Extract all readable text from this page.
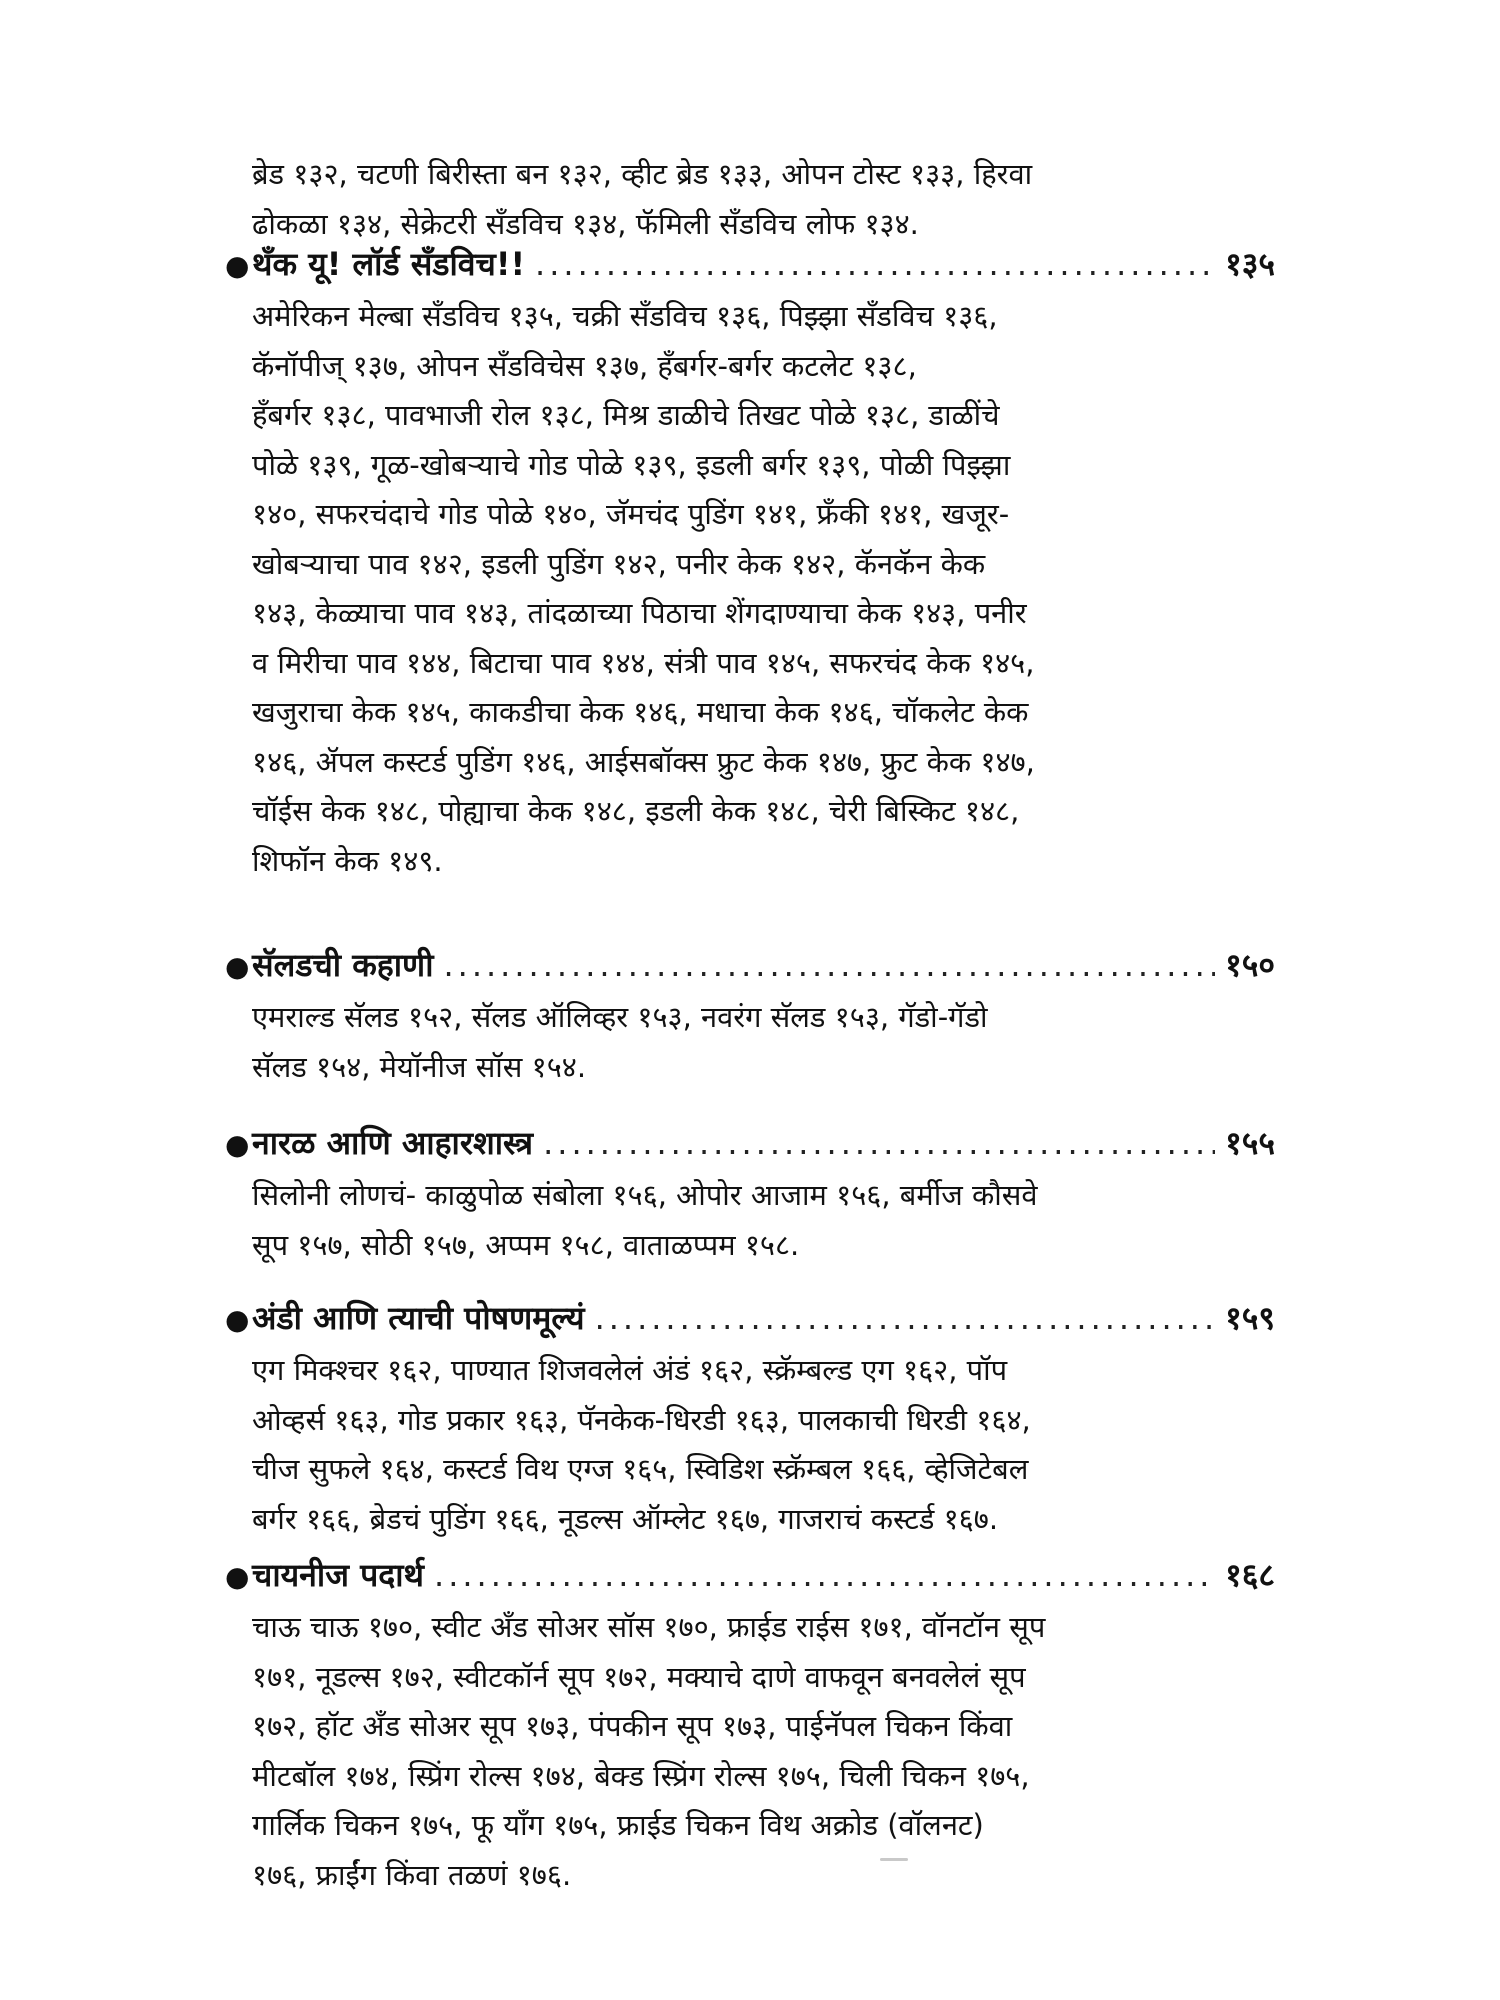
ब्रेड १३२, चटणी बिरीस्ता बन १३२, व्हीट ब्रेड १३३, ओपन टोस्ट १३३, हिरवा
ढोकळा १३४, सेक्रेटरी सँडविच १३४, फॅमिली सँडविच लोफ १३४.
● थँक यू! लॉर्ड सँडविच!! .....	१३५
अमेरिकन मेल्बा सँडविच १३५, चक्री सँडविच १३६, पिझ्झा सँडविच १३६,
कॅनॉपीज् १३७, ओपन सँडविचेस १३७, हॅंबर्गर-बर्गर कटलेट १३८,
हॅंबर्गर १३८, पावभाजी रोल १३८, मिश्र डाळीचे तिखट पोळे १३८, डाळींचे
पोळे १३९, गूळ-खोबऱ्याचे गोड पोळे १३९, इडली बर्गर १३९, पोळी पिझ्झा
१४०, सफरचंदाचे गोड पोळे १४०, जॅमचंद पुडिंग १४१, फ्रँकी १४१, खजूर-
खोबऱ्याचा पाव १४२, इडली पुडिंग १४२, पनीर केक १४२, कॅनकॅन केक
१४३, केळ्याचा पाव १४३, तांदळाच्या पिठाचा शेंगदाण्याचा केक १४३, पनीर
व मिरीचा पाव १४४, बिटाचा पाव १४४, संत्री पाव १४५, सफरचंद केक १४५,
खजुराचा केक १४५, काकडीचा केक १४६, मधाचा केक १४६, चॉकलेट केक
१४६, ॲपल कस्टर्ड पुडिंग १४६, आईसबॉक्स फ्रुट केक १४७, फ्रुट केक १४७,
चॉईस केक १४८, पोह्याचा केक १४८, इडली केक १४८, चेरी बिस्किट १४८,
शिफॉन केक १४९.
● सॅलडची कहाणी .....	१५०
एमराल्ड सॅलड १५२, सॅलड ऑलिव्हर १५३, नवरंग सॅलड १५३, गॅडो-गॅडो
सॅलड १५४, मेयॉनीज सॉस १५४.
● नारळ आणि आहारशास्त्र .....	१५५
सिलोनी लोणचं- काळुपोळ संबोला १५६, ओपोर आजाम १५६, बर्मीज कौसवे
सूप १५७, सोठी १५७, अप्पम १५८, वाताळप्पम १५८.
● अंडी आणि त्याची पोषणमूल्यं .....	१५९
एग मिक्श्चर १६२, पाण्यात शिजवलेलं अंडं १६२, स्क्रॅम्बल्ड एग १६२, पॉप
ओव्हर्स १६३, गोड प्रकार १६३, पॅनकेक-धिरडी १६३, पालकाची धिरडी १६४,
चीज सुफले १६४, कस्टर्ड विथ एग्ज १६५, स्विडिश स्क्रॅम्बल १६६, व्हेजिटेबल
बर्गर १६६, ब्रेडचं पुडिंग १६६, नूडल्स ऑम्लेट १६७, गाजराचं कस्टर्ड १६७.
● चायनीज पदार्थ .....	१६८
चाऊ चाऊ १७०, स्वीट अँड सोअर सॉस १७०, फ्राईड राईस १७१, वॉनटॉन सूप
१७१, नूडल्स १७२, स्वीटकॉर्न सूप १७२, मक्याचे दाणे वाफवून बनवलेलं सूप
१७२, हॉट अँड सोअर सूप १७३, पंपकीन सूप १७३, पाईनॅपल चिकन किंवा
मीटबॉल १७४, स्प्रिंग रोल्स १७४, बेक्ड स्प्रिंग रोल्स १७५, चिली चिकन १७५,
गार्लिक चिकन १७५, फू यॉंग १७५, फ्राईड चिकन विथ अक्रोड (वॉलनट)
१७६, फ्राईंग किंवा तळणं १७६.
